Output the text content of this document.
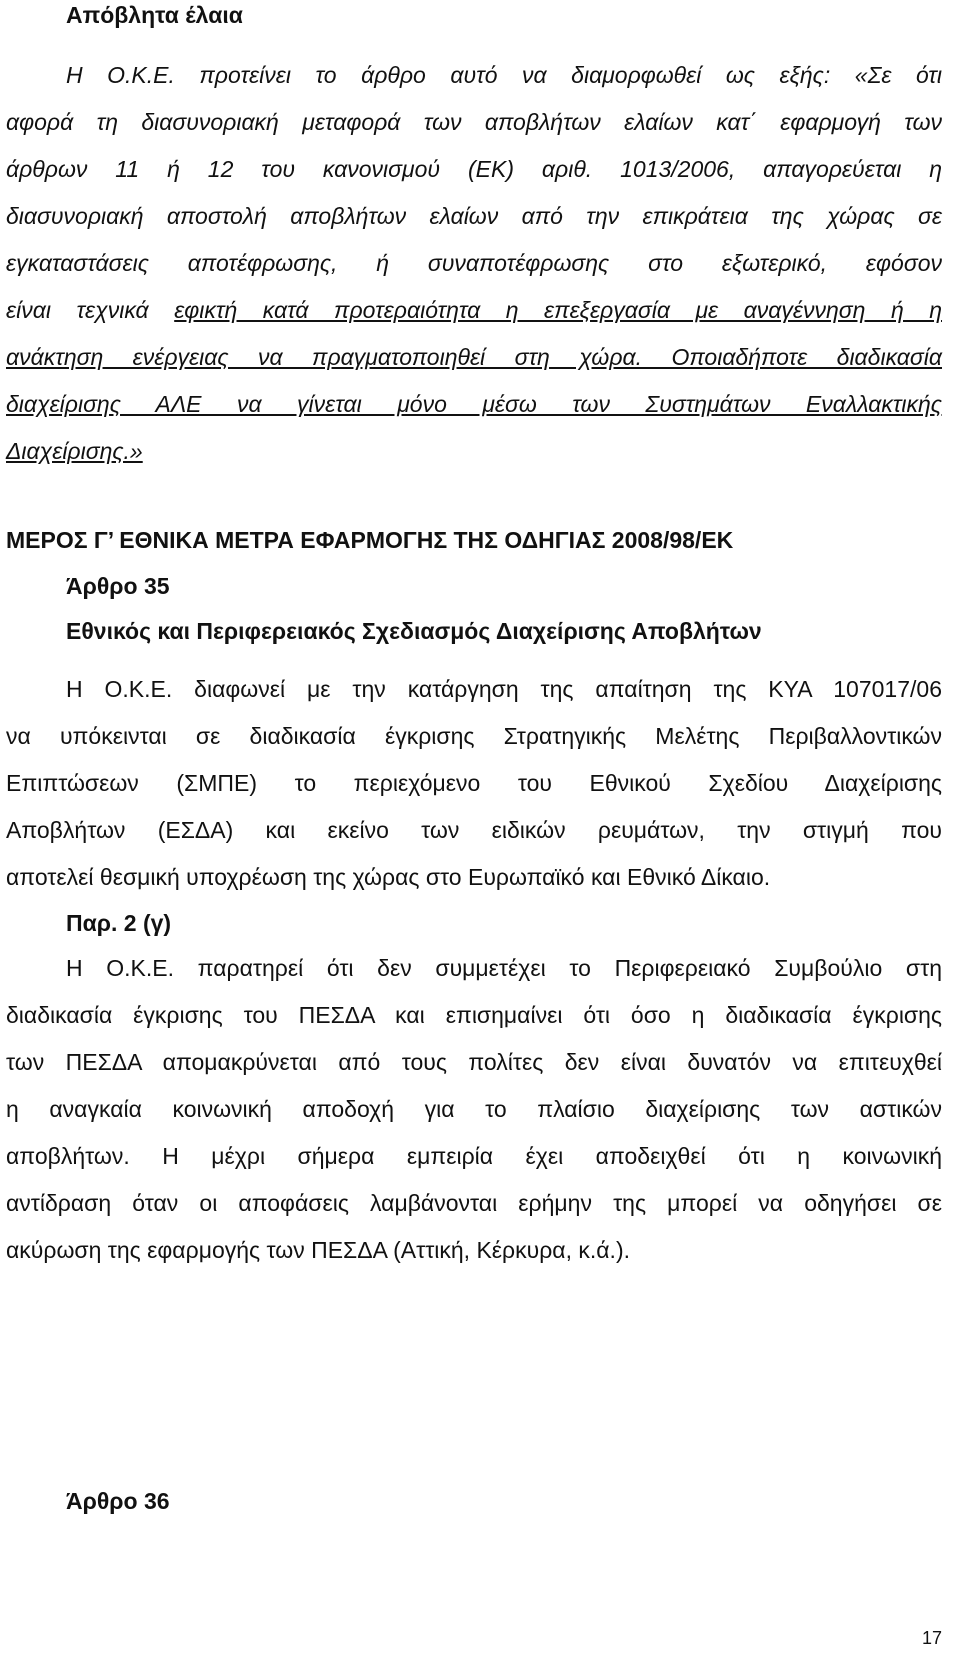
Απόβλητα έλαια
Η Ο.Κ.Ε. προτείνει το άρθρο αυτό να διαμορφωθεί ως εξής: «Σε ότι
αφορά τη διασυνοριακή μεταφορά των αποβλήτων ελαίων κατ΄ εφαρμογή των
άρθρων 11 ή 12 του κανονισμού (ΕΚ) αριθ. 1013/2006, απαγορεύεται η
διασυνοριακή αποστολή αποβλήτων ελαίων από την επικράτεια της χώρας σε
εγκαταστάσεις αποτέφρωσης, ή συναποτέφρωσης στο εξωτερικό, εφόσον
είναι τεχνικά εφικτή κατά προτεραιότητα η επεξεργασία με αναγέννηση ή η
ανάκτηση ενέργειας να πραγματοποιηθεί στη χώρα. Οποιαδήποτε διαδικασία
διαχείρισης ΑΛΕ να γίνεται μόνο μέσω των Συστημάτων Εναλλακτικής
Διαχείρισης.»
ΜΕΡΟΣ Γ’ ΕΘΝΙΚΑ ΜΕΤΡΑ ΕΦΑΡΜΟΓΗΣ ΤΗΣ ΟΔΗΓΙΑΣ 2008/98/ΕΚ
Άρθρο 35
Εθνικός και Περιφερειακός Σχεδιασμός Διαχείρισης Αποβλήτων
Η Ο.Κ.Ε. διαφωνεί με την κατάργηση της απαίτηση της ΚΥΑ 107017/06
να υπόκεινται σε διαδικασία έγκρισης Στρατηγικής Μελέτης Περιβαλλοντικών
Επιπτώσεων (ΣΜΠΕ) το περιεχόμενο του Εθνικού Σχεδίου Διαχείρισης
Αποβλήτων (ΕΣΔΑ) και εκείνο των ειδικών ρευμάτων, την στιγμή που
αποτελεί θεσμική υποχρέωση της χώρας στο Ευρωπαϊκό και Εθνικό Δίκαιο.
Παρ. 2 (γ)
Η Ο.Κ.Ε. παρατηρεί ότι δεν συμμετέχει το Περιφερειακό Συμβούλιο στη
διαδικασία έγκρισης του ΠΕΣΔΑ και επισημαίνει ότι όσο η διαδικασία έγκρισης
των ΠΕΣΔΑ απομακρύνεται από τους πολίτες δεν είναι δυνατόν να επιτευχθεί
η αναγκαία κοινωνική αποδοχή για το πλαίσιο διαχείρισης των αστικών
αποβλήτων. Η μέχρι σήμερα εμπειρία έχει αποδειχθεί ότι η κοινωνική
αντίδραση όταν οι αποφάσεις λαμβάνονται ερήμην της μπορεί να οδηγήσει σε
ακύρωση της εφαρμογής των ΠΕΣΔΑ (Αττική, Κέρκυρα, κ.ά.).
Άρθρο 36
17
